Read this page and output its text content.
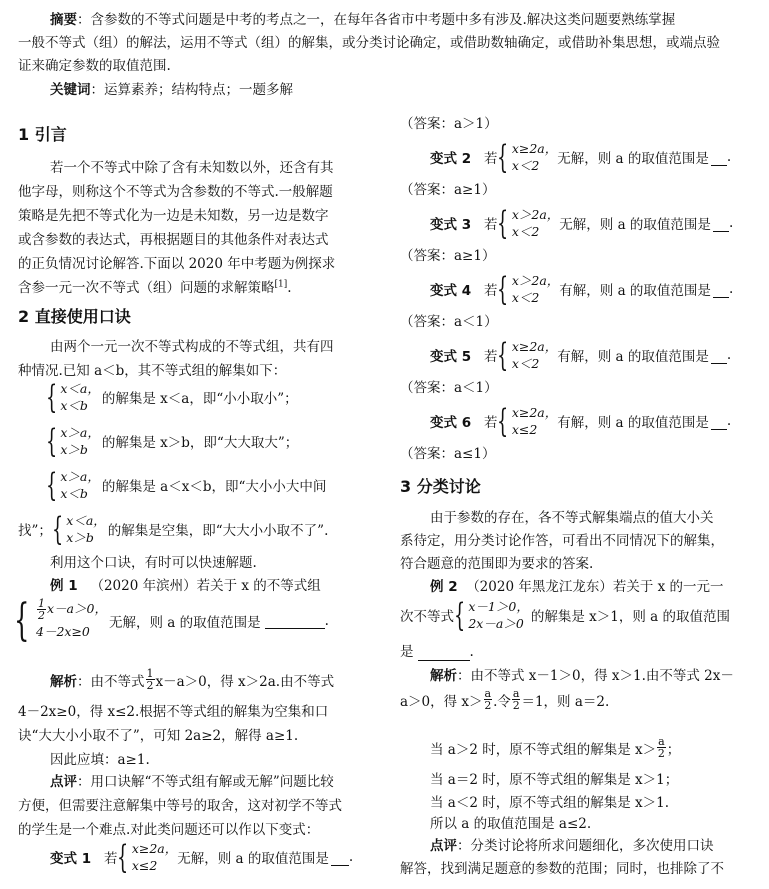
摘要：含参数的不等式问题是中考的考点之一，在每年各省市中考题中多有涉及.解决这类问题要熟练掌握
一般不等式（组）的解法，运用不等式（组）的解集，或分类讨论确定，或借助数轴确定，或借助补集思想，或端点验
证来确定参数的取值范围.
关键词：运算素养；结构特点；一题多解
1 引言
若一个不等式中除了含有未知数以外，还含有其
他字母，则称这个不等式为含参数的不等式.一般解题
策略是先把不等式化为一边是未知数，另一边是数字
或含参数的表达式，再根据题目的其他条件对表达式
的正负情况讨论解答.下面以 2020 年中考题为例探求
含参一元一次不等式（组）问题的求解策略[1].
2 直接使用口诀
由两个一元一次不等式构成的不等式组，共有四
种情况.已知 a＜b，其不等式组的解集如下：
{ x＜a，
x＜b	的解集是 x＜a，即“小小取小”；
{ x＞a，
x＞b	的解集是 x＞b，即“大大取大”；
{ x＞a，
x＜b	的解集是 a＜x＜b，即“大小小大中间
找”； { x＜a，
x＞b	的解集是空集，即“大大小小取不了”.
利用这个口诀，有时可以快速解题.
例 1 （2020 年滨州）若关于 x 的不等式组
{ $\frac{1}{2} x-a>0$，
4－2x≥0
无解，则 a 的取值范围是
	.
解析 ：由不等式 $\frac{1}{2} x-a>0$，得 x＞2a.由不等式
4－2x≥0，得 x≤2.根据不等式组的解集为空集和口
诀“大大小小取不了”，可知 2a≥2，解得 a≥1.
因此应填：a≥1.
点评：用口诀解“不等式组有解或无解”问题比较
方便，但需要注意解集中等号的取舍，这对初学不等式
的学生是一个难点.对此类问题还可以作以下变式：
变式 1
若 { x≥2a，
x≤2	无解，则 a 的取值范围是
.
（答案：a＞1）
变式 2
若 { x≥2a，
x＜2	无解，则 a 的取值范围是
.
（答案：a≥1）
变式 3
若 { x＞2a，
x＜2	无解，则 a 的取值范围是
.
（答案：a≥1）
变式 4
若 { x＞2a，
x＜2	有解，则 a 的取值范围是
.
（答案：a＜1）
变式 5
若 { x≥2a，
x＜2	有解，则 a 的取值范围是
.
（答案：a＜1）
变式 6
若 { x≥2a，
x≤2	有解，则 a 的取值范围是
.
（答案：a≤1）
3 分类讨论
由于参数的存在，各不等式解集端点的值大小关
系待定，用分类讨论作答，可看出不同情况下的解集，
符合题意的范围即为要求的答案.
例 2 （2020 年黑龙江龙东）若关于 x 的一元一
次不等式 { x－1＞0，
2x－a＞0 的解集是 x＞1，则 a 的取值范围
是	.
解析：由不等式 x－1＞0，得 x＞1.由不等式 2x－
a＞0，得 $x> \frac{a}{2}$ .令 $\frac{a}{2} =1$，则 a＝2.
当 a＞2 时，原不等式组的解集是 $x> \frac{a}{2}$ ；
当 a＝2 时，原不等式组的解集是 x＞1；
当 a＜2 时，原不等式组的解集是 x＞1.
所以 a 的取值范围是 a≤2.
点评：分类讨论将所求问题细化，多次使用口诀
解答，找到满足题意的参数的范围；同时，也排除了不
